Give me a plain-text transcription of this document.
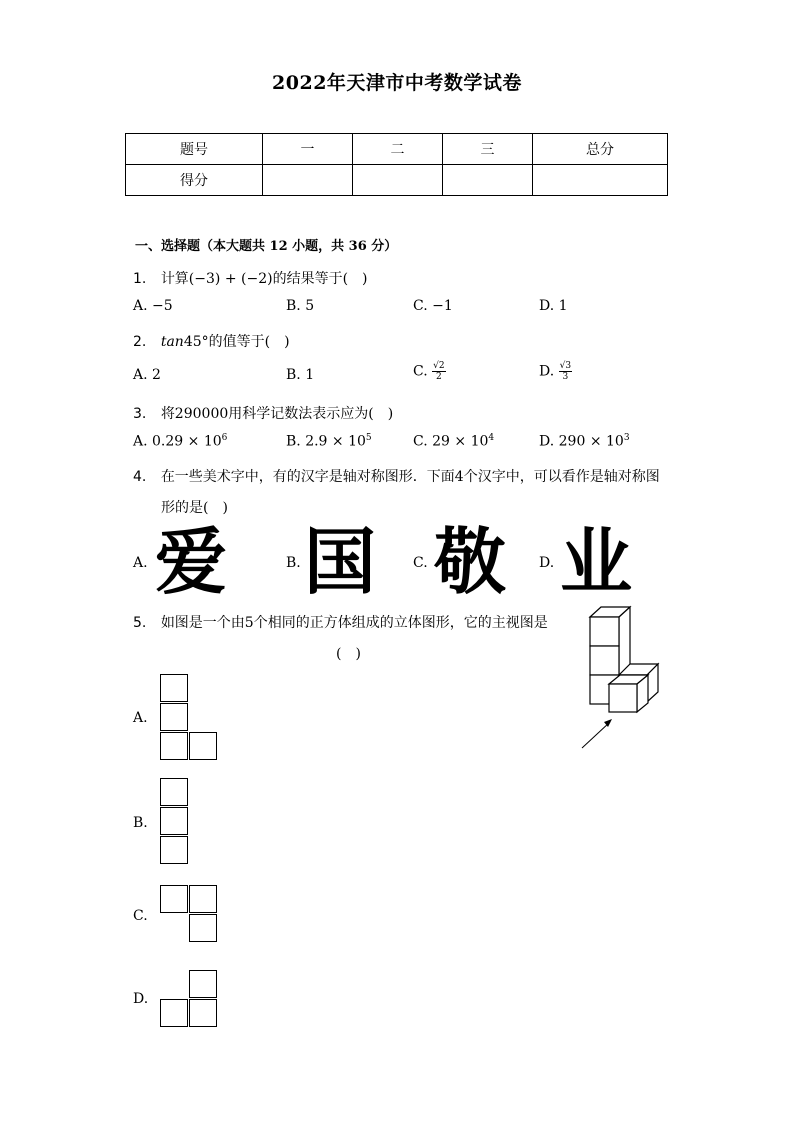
2022年天津市中考数学试卷
题号	一	二	三	总分
得分				
一、选择题（本大题共 12 小题，共 36 分）
1. 计算(−3) + (−2)的结果等于(　)
A. −5	B. 5	C. −1	D. 1
2. tan45°的值等于(　)
A. 2	B. 1	C. $\frac{√2}{2}$	D. $\frac{√3}{3}$
3. 将290000用科学记数法表示应为(　)
A. $0.29 \times 10^6$	B. $2.9 \times 10^5$	C. $29 \times 10^4$	D. $290 \times 10^3$
4. 在一些美术字中，有的汉字是轴对称图形．下面4个汉字中，可以看作是轴对称图
形的是(　)
A. 爱	B. 国	C. 敬 D. 业
5. 如图是一个由5个相同的正方体组成的立体图形，它的主视图是
(　)
A.
B.
C.
D.
